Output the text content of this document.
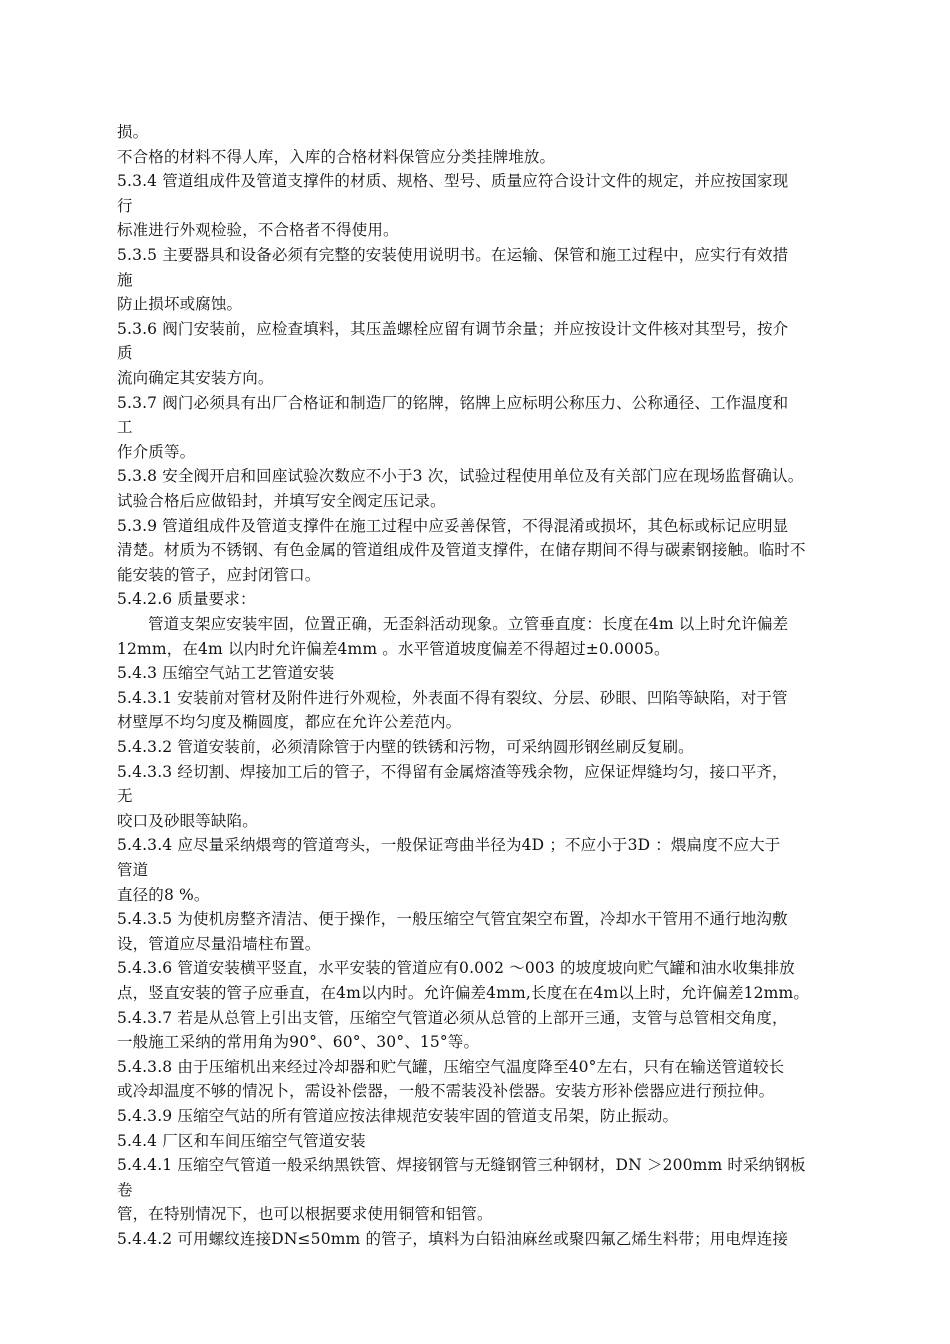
损。
不合格的材料不得人库，入库的合格材料保管应分类挂牌堆放。
5.3.4 管道组成件及管道支撑件的材质、规格、型号、质量应符合设计文件的规定，并应按国家现
行
标准进行外观检验，不合格者不得使用。
5.3.5 主要器具和设备必须有完整的安装使用说明书。在运输、保管和施工过程中，应实行有效措
施
防止损坏或腐蚀。
5.3.6 阀门安装前，应检查填料，其压盖螺栓应留有调节余量；并应按设计文件核对其型号，按介
质
流向确定其安装方向。
5.3.7 阀门必须具有出厂合格证和制造厂的铭牌，铭牌上应标明公称压力、公称通径、工作温度和
工
作介质等。
5.3.8 安全阀开启和回座试验次数应不小于3 次，试验过程使用单位及有关部门应在现场监督确认。
试验合格后应做铅封，并填写安全阀定压记录。
5.3.9 管道组成件及管道支撑件在施工过程中应妥善保管，不得混淆或损坏，其色标或标记应明显
清楚。材质为不锈钢、有色金属的管道组成件及管道支撑件，在储存期间不得与碳素钢接触。临时不
能安装的管子，应封闭管口。
5.4.2.6 质量要求：
管道支架应安装牢固，位置正确，无歪斜活动现象。立管垂直度：长度在4m 以上时允许偏差
12mm，在4m 以内时允许偏差4mm 。水平管道坡度偏差不得超过±0.0005。
5.4.3 压缩空气站工艺管道安装
5.4.3.1 安装前对管材及附件进行外观检，外表面不得有裂纹、分层、砂眼、凹陷等缺陷，对于管
材壁厚不均匀度及椭圆度，都应在允许公差范内。
5.4.3.2 管道安装前，必须清除管于内壁的铁锈和污物，可采纳圆形钢丝刷反复刷。
5.4.3.3 经切割、焊接加工后的管子，不得留有金属熔渣等残余物，应保证焊缝均匀，接口平齐，
无
咬口及砂眼等缺陷。
5.4.3.4 应尽量采纳煨弯的管道弯头，一般保证弯曲半径为4D ；不应小于3D ：煨扁度不应大于
管道
直径的8 %。
5.4.3.5 为使机房整齐清洁、便于操作，一般压缩空气管宜架空布置，冷却水干管用不通行地沟敷
设，管道应尽量沿墙柱布置。
5.4.3.6 管道安装横平竖直，水平安装的管道应有0.002 ～003 的坡度坡向贮气罐和油水收集排放
点，竖直安装的管子应垂直，在4m以内时。允许偏差4mm,长度在在4m以上时，允许偏差12mm。
5.4.3.7 若是从总管上引出支管，压缩空气管道必须从总管的上部开三通，支管与总管相交角度，
一般施工采纳的常用角为90°、60°、30°、15°等。
5.4.3.8 由于压缩机出来经过冷却器和贮气罐，压缩空气温度降至40°左右，只有在输送管道较长
或冷却温度不够的情况卜，需设补偿器，一般不需装没补偿器。安装方形补偿器应进行预拉伸。
5.4.3.9 压缩空气站的所有管道应按法律规范安装牢固的管道支吊架，防止振动。
5.4.4 厂区和车间压缩空气管道安装
5.4.4.1 压缩空气管道一般采纳黑铁管、焊接钢管与无缝钢管三种钢材，DN ＞200mm 时采纳钢板
卷
管，在特别情况下，也可以根据要求使用铜管和铝管。
5.4.4.2 可用螺纹连接DN≤50mm 的管子，填料为白铅油麻丝或聚四氟乙烯生料带；用电焊连接
